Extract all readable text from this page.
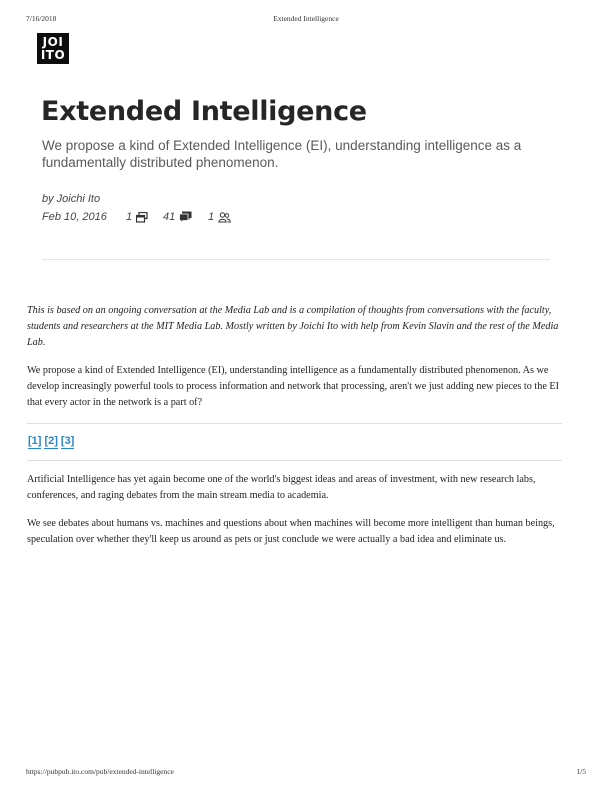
7/16/2018	Extended Intelligence
JOI
ITO
Extended Intelligence

We propose a kind of Extended Intelligence (EI), understanding intelligence as a fundamentally distributed phenomenon.

by Joichi Ito
Feb 10, 2016 1	41	1

This is based on an ongoing conversation at the Media Lab and is a compilation of thoughts from conversations with the faculty, students and researchers at the MIT Media Lab. Mostly written by Joichi Ito with help from Kevin Slavin and the rest of the Media Lab.

We propose a kind of Extended Intelligence (EI), understanding intelligence as a fundamentally distributed phenomenon. As we develop increasingly powerful tools to process information and network that processing, aren't we just adding new pieces to the EI that every actor in the network is a part of?

[1] [2] [3]

Artificial Intelligence has yet again become one of the world's biggest ideas and areas of investment, with new research labs, conferences, and raging debates from the main stream media to academia.

We see debates about humans vs. machines and questions about when machines will become more intelligent than human beings, speculation over whether they'll keep us around as pets or just conclude we were actually a bad idea and eliminate us.

https://pubpub.ito.com/pub/extended-intelligence	1/5
